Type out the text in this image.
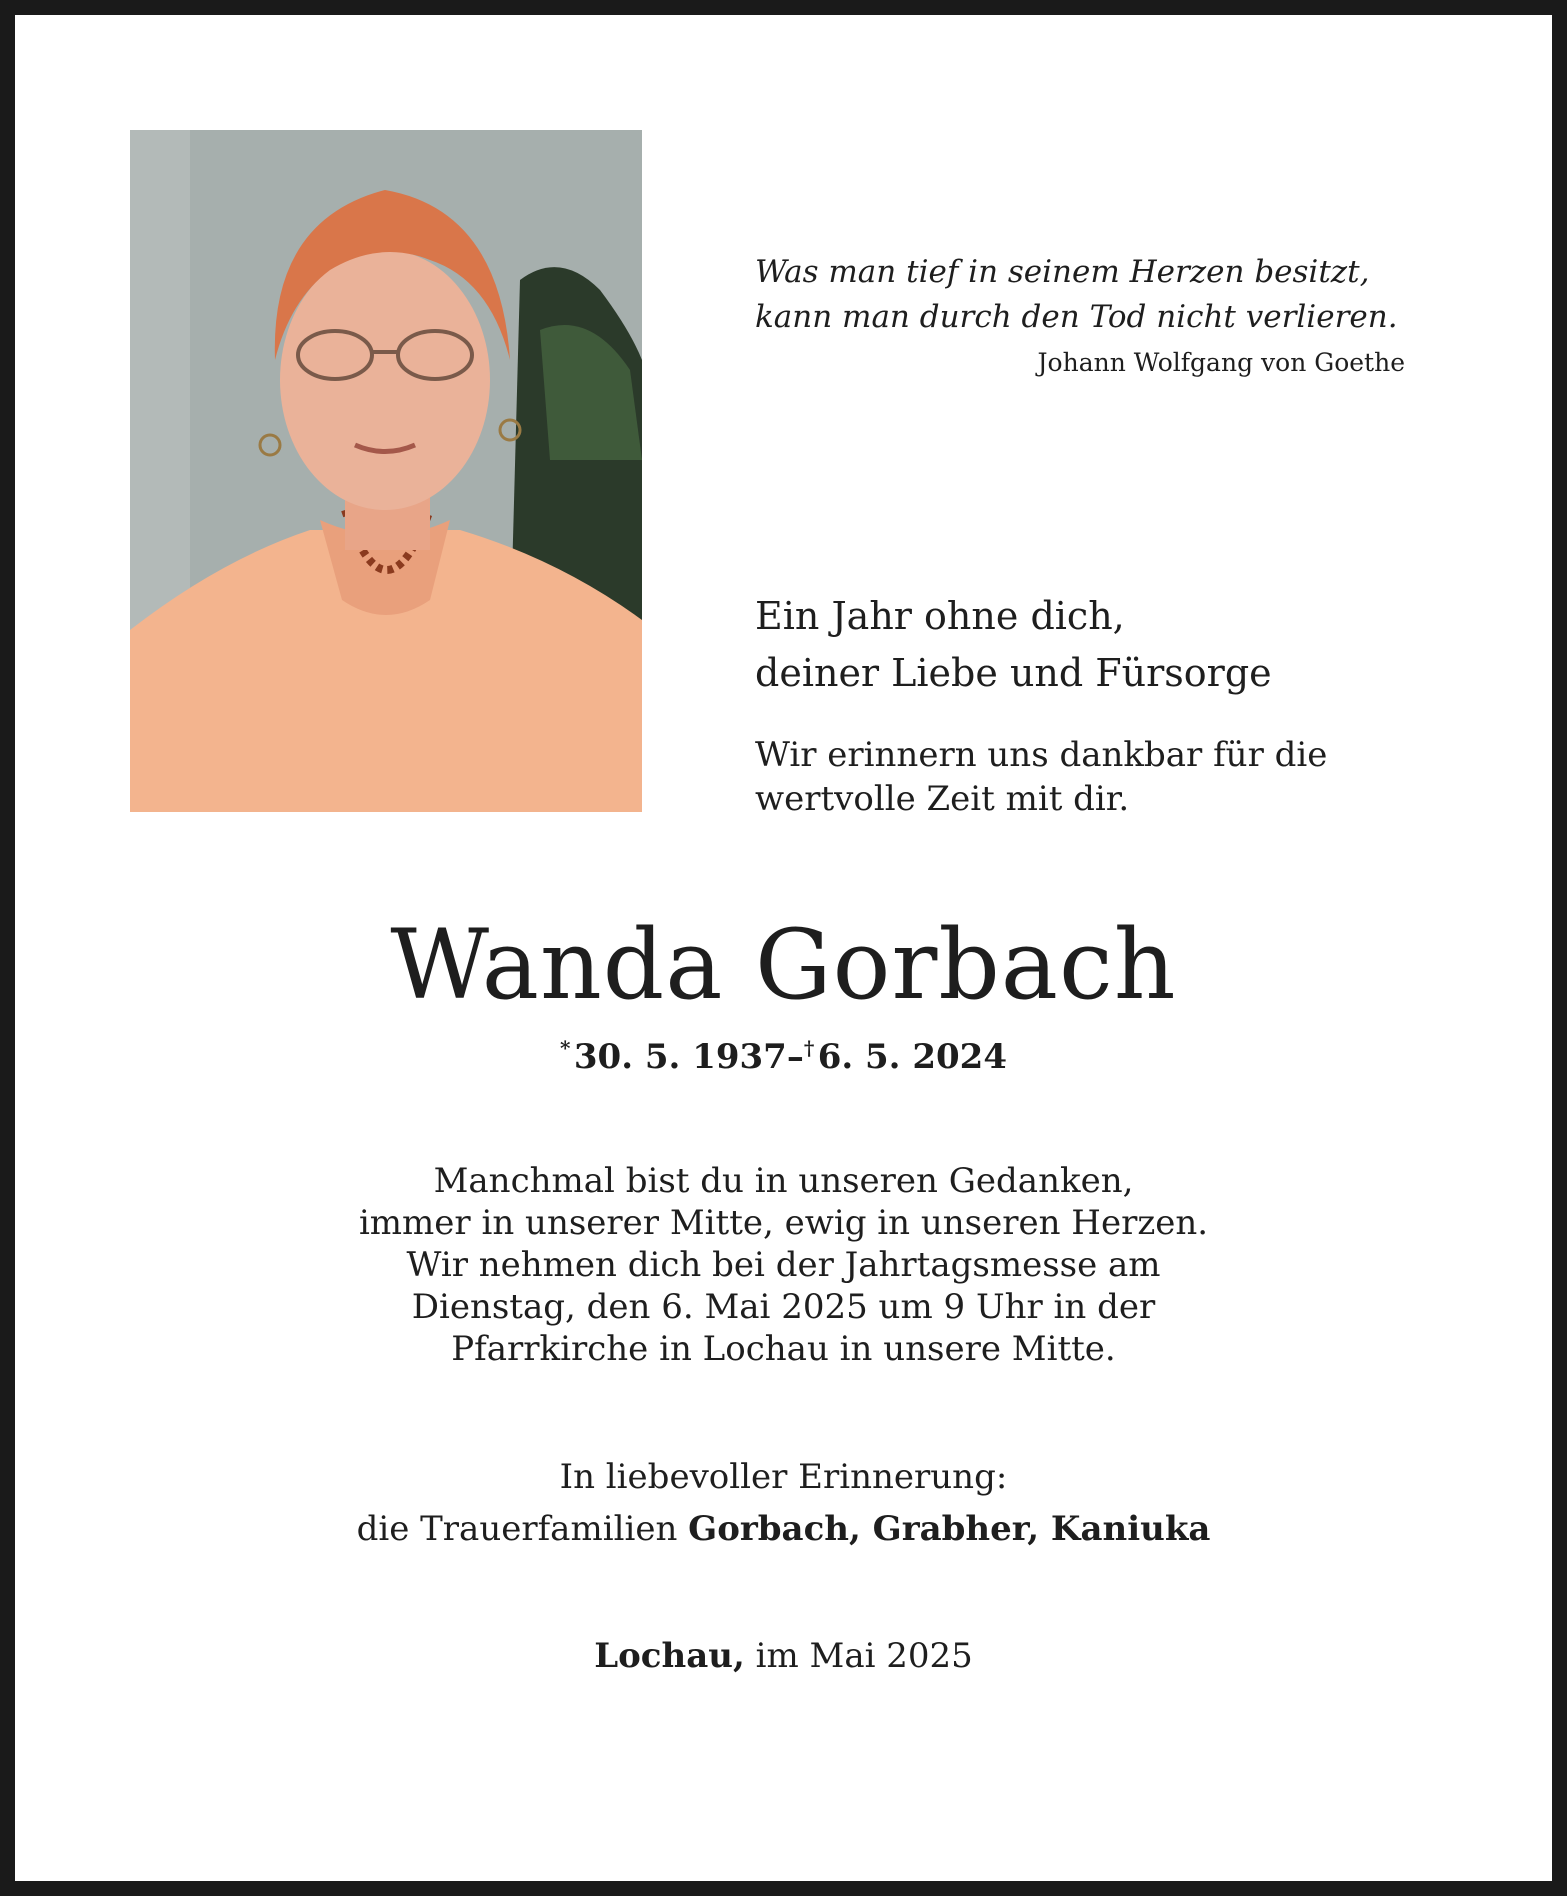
Was man tief in seinem Herzen besitzt,
kann man durch den Tod nicht verlieren.
Johann Wolfgang von Goethe
Ein Jahr ohne dich,
deiner Liebe und Fürsorge
Wir erinnern uns dankbar für die
wertvolle Zeit mit dir.
Wanda Gorbach
* 30. 5. 1937–† 6. 5. 2024
Manchmal bist du in unseren Gedanken,
immer in unserer Mitte, ewig in unseren Herzen.
Wir nehmen dich bei der Jahrtagsmesse am
Dienstag, den 6. Mai 2025 um 9 Uhr in der
Pfarrkirche in Lochau in unsere Mitte.
In liebevoller Erinnerung:
die Trauerfamilien Gorbach, Grabher, Kaniuka
Lochau, im Mai 2025
